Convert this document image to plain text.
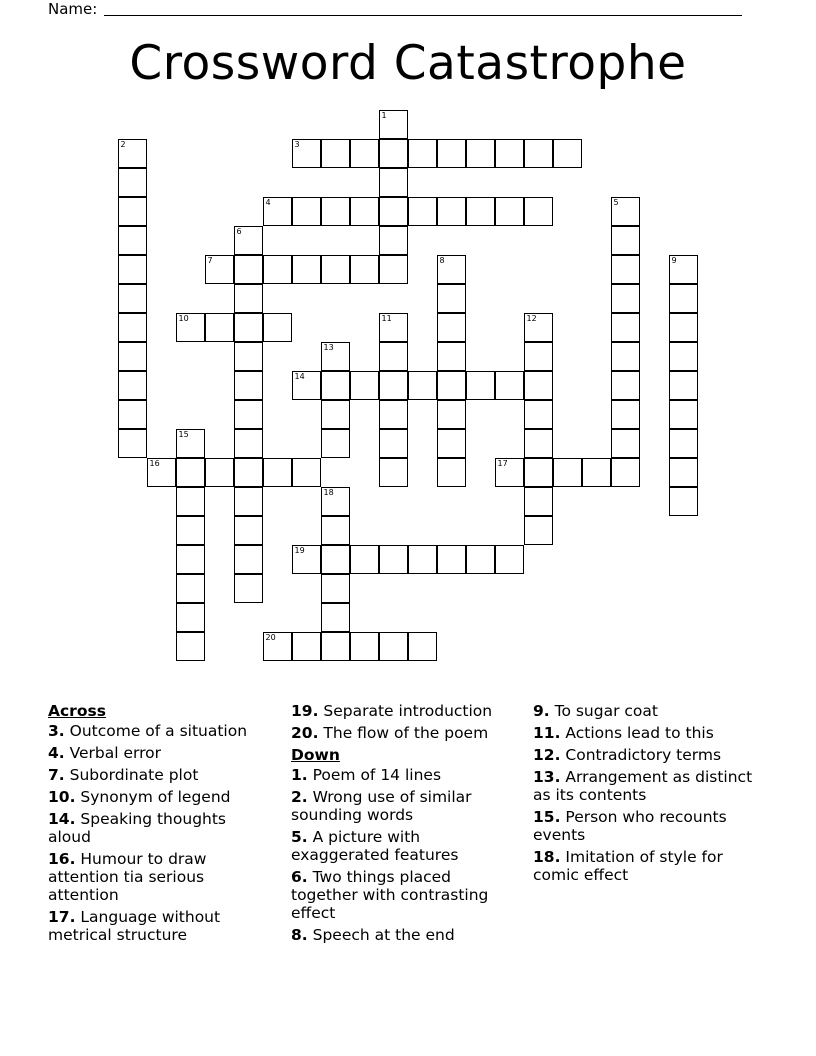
Name:
Crossword Catastrophe
1
2	3
4	5
6
7	8	9
10	11	12
13
14
15
16	17
18
19
20
Across
3. Outcome of a situation
4. Verbal error
7. Subordinate plot
10. Synonym of legend
14. Speaking thoughts aloud
16. Humour to draw attention tia serious attention
17. Language without metrical structure
19. Separate introduction
20. The flow of the poem
Down
1. Poem of 14 lines
2. Wrong use of similar sounding words
5. A picture with exaggerated features
6. Two things placed together with contrasting effect
8. Speech at the end
9. To sugar coat
11. Actions lead to this
12. Contradictory terms
13. Arrangement as distinct as its contents
15. Person who recounts events
18. Imitation of style for comic effect
